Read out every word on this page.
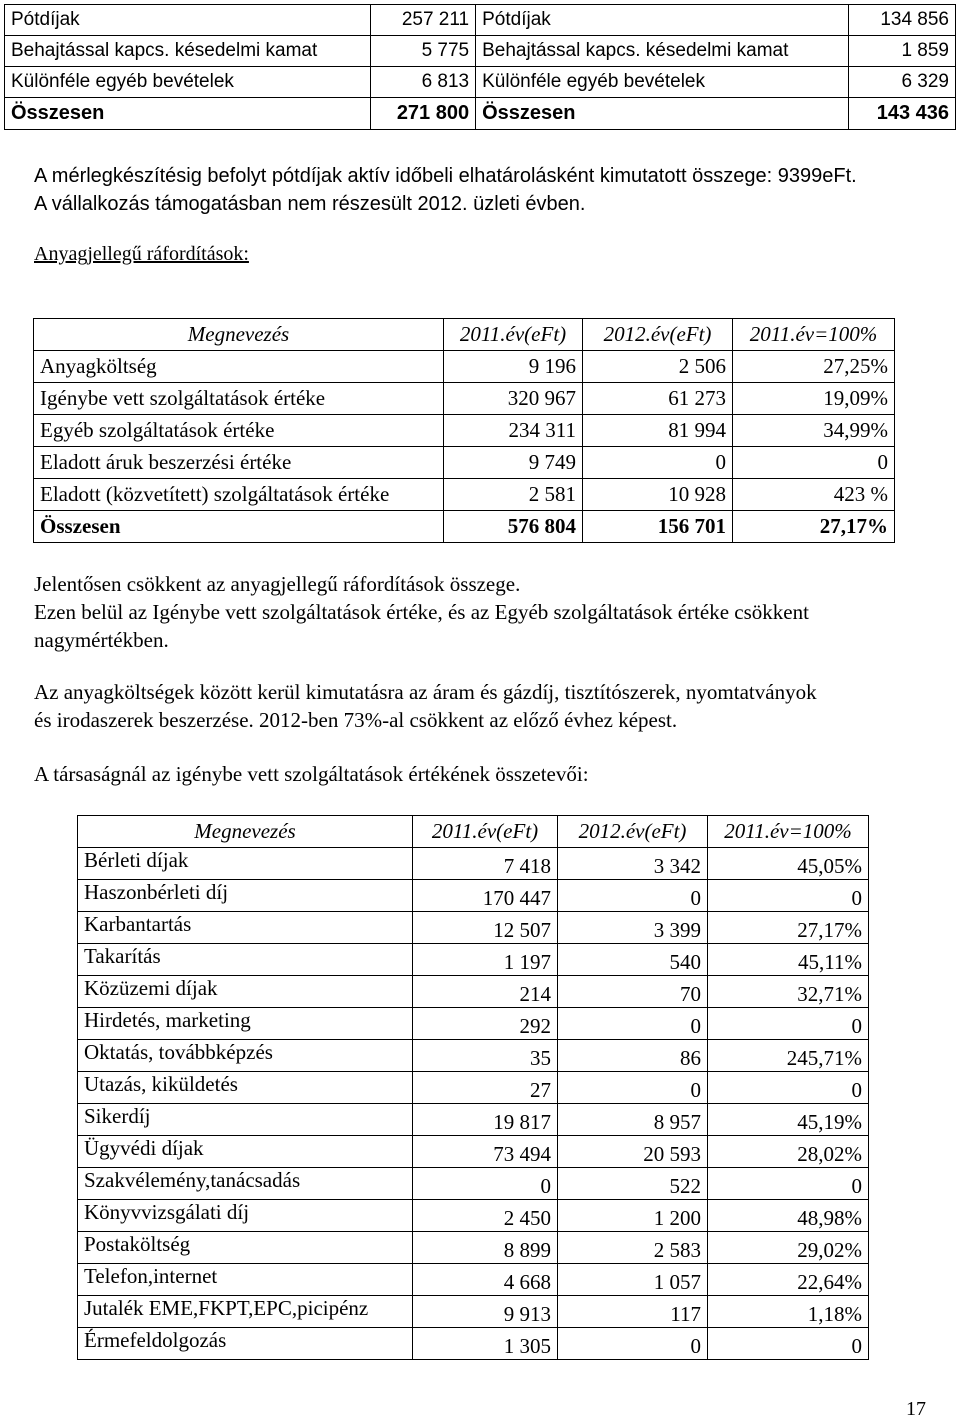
Pótdíjak	257 211	Pótdíjak	134 856
Behajtással kapcs. késedelmi kamat	5 775	Behajtással kapcs. késedelmi kamat	1 859
Különféle egyéb bevételek	6 813	Különféle egyéb bevételek	6 329
Összesen	271 800	Összesen	143 436
A mérlegkészítésig befolyt pótdíjak aktív időbeli elhatárolásként kimutatott összege: 9399eFt.
A vállalkozás támogatásban nem részesült 2012. üzleti évben.
Anyagjellegű ráfordítások:
Megnevezés	2011.év(eFt)	2012.év(eFt)	2011.év=100%
Anyagköltség	9 196	2 506	27,25%
Igénybe vett szolgáltatások értéke	320 967	61 273	19,09%
Egyéb szolgáltatások értéke	234 311	81 994	34,99%
Eladott áruk beszerzési értéke	9 749	0	0
Eladott (közvetített) szolgáltatások értéke	2 581	10 928	423 %
Összesen	576 804	156 701	27,17%
Jelentősen csökkent az anyagjellegű ráfordítások összege.
Ezen belül az Igénybe vett szolgáltatások értéke, és az Egyéb szolgáltatások értéke csökkent
nagymértékben.
Az anyagköltségek között kerül kimutatásra az áram és gázdíj, tisztítószerek, nyomtatványok
és irodaszerek beszerzése. 2012-ben 73%-al csökkent az előző évhez képest.
A társaságnál az igénybe vett szolgáltatások értékének összetevői:
Megnevezés	2011.év(eFt)	2012.év(eFt)	2011.év=100%
Bérleti díjak	7 418	3 342	45,05%
Haszonbérleti díj	170 447	0	0
Karbantartás	12 507	3 399	27,17%
Takarítás	1 197	540	45,11%
Közüzemi díjak	214	70	32,71%
Hirdetés, marketing	292	0	0
Oktatás, továbbképzés	35	86	245,71%
Utazás, kiküldetés	27	0	0
Sikerdíj	19 817	8 957	45,19%
Ügyvédi díjak	73 494	20 593	28,02%
Szakvélemény,tanácsadás	0	522	0
Könyvvizsgálati díj	2 450	1 200	48,98%
Postaköltség	8 899	2 583	29,02%
Telefon,internet	4 668	1 057	22,64%
Jutalék EME,FKPT,EPC,picipénz	9 913	117	1,18%
Érmefeldolgozás	1 305	0	0
17
